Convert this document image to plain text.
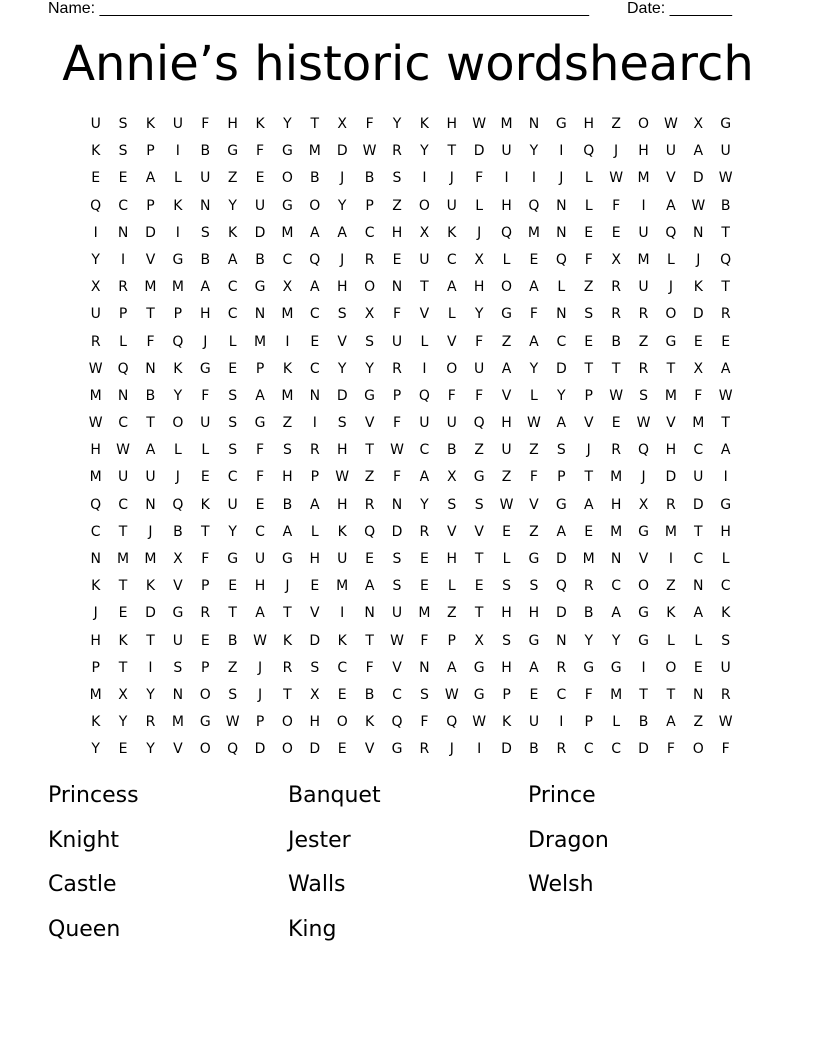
Name: _______________________________________________________ Date: _______
Annie’s historic wordshearch
U	S	K	U	F	H	K	Y	T	X	F	Y	K	H	W	M	N	G	H	Z	O	W	X	G
K	S	P	I	B	G	F	G	M	D	W	R	Y	T	D	U	Y	I	Q	J	H	U	A	U
E	E	A	L	U	Z	E	O	B	J	B	S	I	J	F	I	I	J	L	W	M	V	D	W
Q	C	P	K	N	Y	U	G	O	Y	P	Z	O	U	L	H	Q	N	L	F	I	A	W	B
I	N	D	I	S	K	D	M	A	A	C	H	X	K	J	Q	M	N	E	E	U	Q	N	T
Y	I	V	G	B	A	B	C	Q	J	R	E	U	C	X	L	E	Q	F	X	M	L	J	Q
X	R	M	M	A	C	G	X	A	H	O	N	T	A	H	O	A	L	Z	R	U	J	K	T
U	P	T	P	H	C	N	M	C	S	X	F	V	L	Y	G	F	N	S	R	R	O	D	R
R	L	F	Q	J	L	M	I	E	V	S	U	L	V	F	Z	A	C	E	B	Z	G	E	E
W	Q	N	K	G	E	P	K	C	Y	Y	R	I	O	U	A	Y	D	T	T	R	T	X	A
M	N	B	Y	F	S	A	M	N	D	G	P	Q	F	F	V	L	Y	P	W	S	M	F	W
W	C	T	O	U	S	G	Z	I	S	V	F	U	U	Q	H	W	A	V	E	W	V	M	T
H	W	A	L	L	S	F	S	R	H	T	W	C	B	Z	U	Z	S	J	R	Q	H	C	A
M	U	U	J	E	C	F	H	P	W	Z	F	A	X	G	Z	F	P	T	M	J	D	U	I
Q	C	N	Q	K	U	E	B	A	H	R	N	Y	S	S	W	V	G	A	H	X	R	D	G
C	T	J	B	T	Y	C	A	L	K	Q	D	R	V	V	E	Z	A	E	M	G	M	T	H
N	M	M	X	F	G	U	G	H	U	E	S	E	H	T	L	G	D	M	N	V	I	C	L
K	T	K	V	P	E	H	J	E	M	A	S	E	L	E	S	S	Q	R	C	O	Z	N	C
J	E	D	G	R	T	A	T	V	I	N	U	M	Z	T	H	H	D	B	A	G	K	A	K
H	K	T	U	E	B	W	K	D	K	T	W	F	P	X	S	G	N	Y	Y	G	L	L	S
P	T	I	S	P	Z	J	R	S	C	F	V	N	A	G	H	A	R	G	G	I	O	E	U
M	X	Y	N	O	S	J	T	X	E	B	C	S	W	G	P	E	C	F	M	T	T	N	R
K	Y	R	M	G	W	P	O	H	O	K	Q	F	Q	W	K	U	I	P	L	B	A	Z	W
Y	E	Y	V	O	Q	D	O	D	E	V	G	R	J	I	D	B	R	C	C	D	F	O	F
Princess	Banquet	Prince
Knight	Jester	Dragon
Castle	Walls	Welsh
Queen	King
